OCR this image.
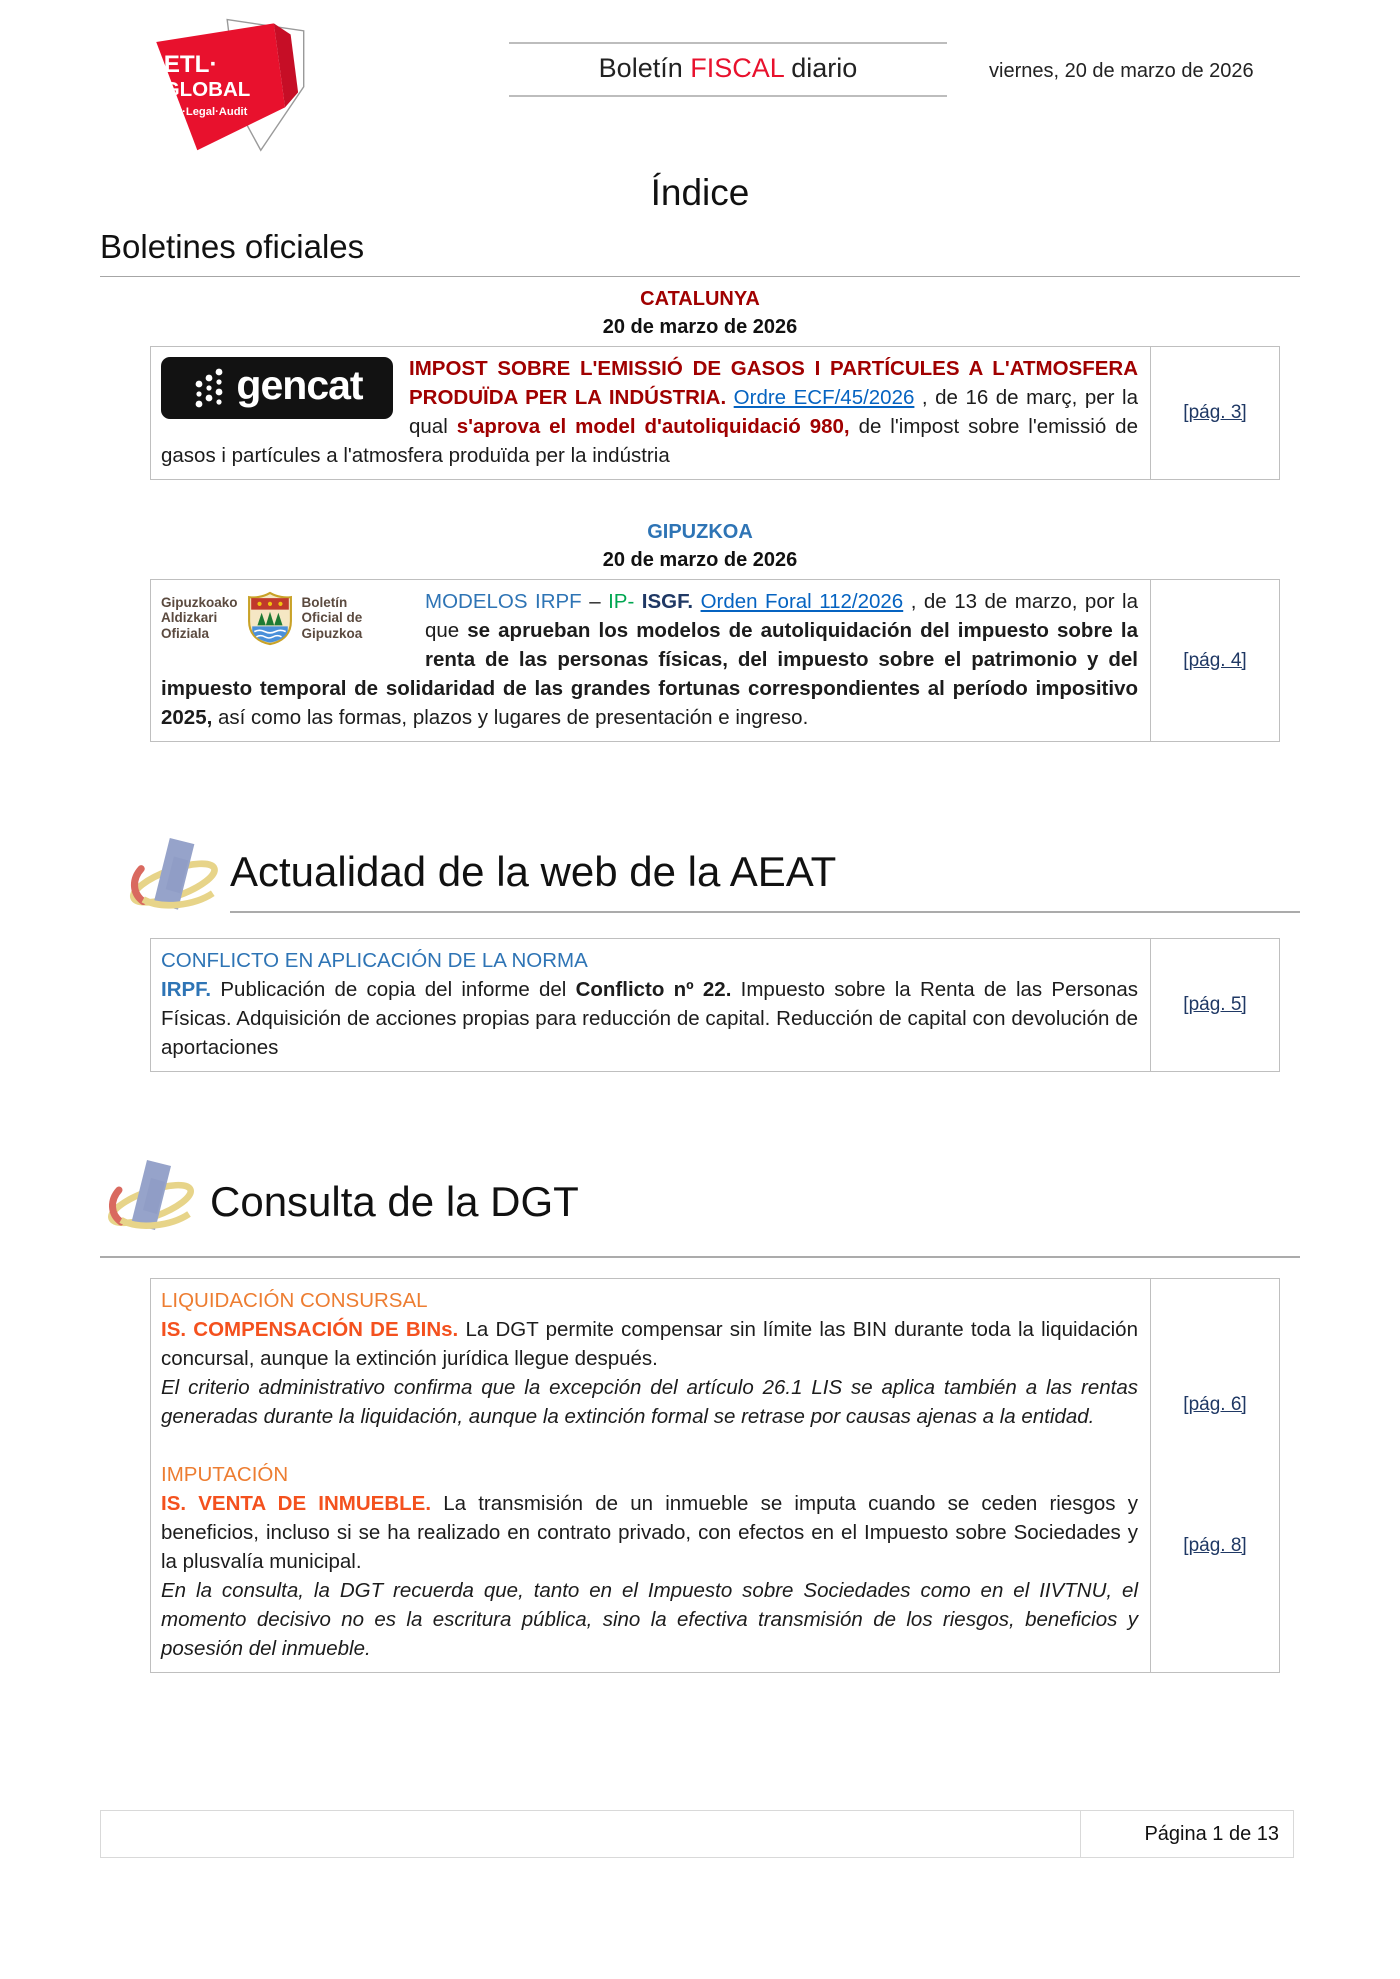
ETL·
GLOBAL
Tax·Legal·Audit
Boletín FISCAL diario	viernes, 20 de marzo de 2026
Índice
Boletines oficiales
CATALUNYA
20 de marzo de 2026
gencat IMPOST SOBRE L'EMISSIÓ DE GASOS I PARTÍCULES A L'ATMOSFERA PRODUÏDA PER LA INDÚSTRIA. Ordre ECF/45/2026 , de 16 de març, per la qual s'aprova el model d'autoliquidació 980, de l'impost sobre l'emissió de gasos i partícules a l'atmosfera produïda per la indústria
[pág. 3]
GIPUZKOA
20 de marzo de 2026
Gipuzkoako
Aldizkari
Ofiziala
Boletín
Oficial de
Gipuzkoa
MODELOS IRPF – IP- ISGF. Orden Foral 112/2026 , de 13 de marzo, por la que se aprueban los modelos de autoliquidación del impuesto sobre la renta de las personas físicas, del impuesto sobre el patrimonio y del impuesto temporal de solidaridad de las grandes fortunas correspondientes al período impositivo 2025, así como las formas, plazos y lugares de presentación e ingreso.
[pág. 4]
Actualidad de la web de la AEAT
CONFLICTO EN APLICACIÓN DE LA NORMA
IRPF. Publicación de copia del informe del Conflicto nº 22. Impuesto sobre la Renta de las Personas Físicas. Adquisición de acciones propias para reducción de capital. Reducción de capital con devolución de aportaciones
[pág. 5]
Consulta de la DGT
LIQUIDACIÓN CONSURSAL
IS. COMPENSACIÓN DE BINs. La DGT permite compensar sin límite las BIN durante toda la liquidación concursal, aunque la extinción jurídica llegue después.
El criterio administrativo confirma que la excepción del artículo 26.1 LIS se aplica también a las rentas generadas durante la liquidación, aunque la extinción formal se retrase por causas ajenas a la entidad.
IMPUTACIÓN
IS. VENTA DE INMUEBLE. La transmisión de un inmueble se imputa cuando se ceden riesgos y beneficios, incluso si se ha realizado en contrato privado, con efectos en el Impuesto sobre Sociedades y la plusvalía municipal.
En la consulta, la DGT recuerda que, tanto en el Impuesto sobre Sociedades como en el IIVTNU, el momento decisivo no es la escritura pública, sino la efectiva transmisión de los riesgos, beneficios y posesión del inmueble.
[pág. 6]
[pág. 8]
Página 1 de 13
